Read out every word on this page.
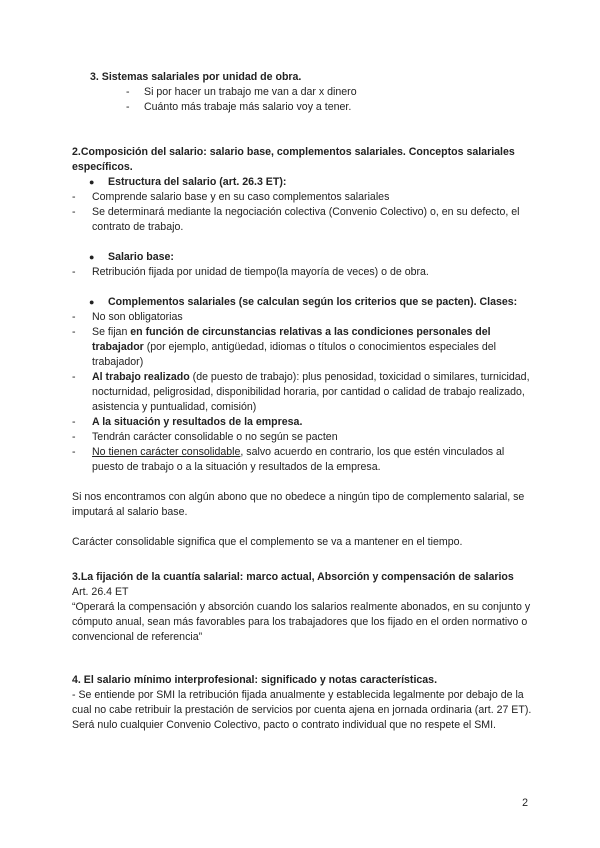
3. Sistemas salariales por unidad de obra.
- Si por hacer un trabajo me van a dar x dinero
- Cuánto más trabaje más salario voy a tener.
2.Composición del salario: salario base, complementos salariales. Conceptos salariales específicos.
● Estructura del salario (art. 26.3 ET):
- Comprende salario base y en su caso complementos salariales
- Se determinará mediante la negociación colectiva (Convenio Colectivo) o, en su defecto, el contrato de trabajo.
● Salario base:
- Retribución fijada por unidad de tiempo(la mayoría de veces) o de obra.
● Complementos salariales (se calculan según los criterios que se pacten). Clases:
- No son obligatorias
- Se fijan en función de circunstancias relativas a las condiciones personales del trabajador (por ejemplo, antigüedad, idiomas o títulos o conocimientos especiales del trabajador)
- Al trabajo realizado (de puesto de trabajo): plus penosidad, toxicidad o similares, turnicidad, nocturnidad, peligrosidad, disponibilidad horaria, por cantidad o calidad de trabajo realizado, asistencia y puntualidad, comisión)
- A la situación y resultados de la empresa.
- Tendrán carácter consolidable o no según se pacten
- No tienen carácter consolidable, salvo acuerdo en contrario, los que estén vinculados al puesto de trabajo o a la situación y resultados de la empresa.
Si nos encontramos con algún abono que no obedece a ningún tipo de complemento salarial, se imputará al salario base.
Carácter consolidable significa que el complemento se va a mantener en el tiempo.
3.La fijación de la cuantía salarial: marco actual, Absorción y compensación de salarios
Art. 26.4 ET
“Operará la compensación y absorción cuando los salarios realmente abonados, en su conjunto y cómputo anual, sean más favorables para los trabajadores que los fijado en el orden normativo o convencional de referencia”
4. El salario mínimo interprofesional: significado y notas características.
- Se entiende por SMI la retribución fijada anualmente y establecida legalmente por debajo de la cual no cabe retribuir la prestación de servicios por cuenta ajena en jornada ordinaria (art. 27 ET). Será nulo cualquier Convenio Colectivo, pacto o contrato individual que no respete el SMI.
2
